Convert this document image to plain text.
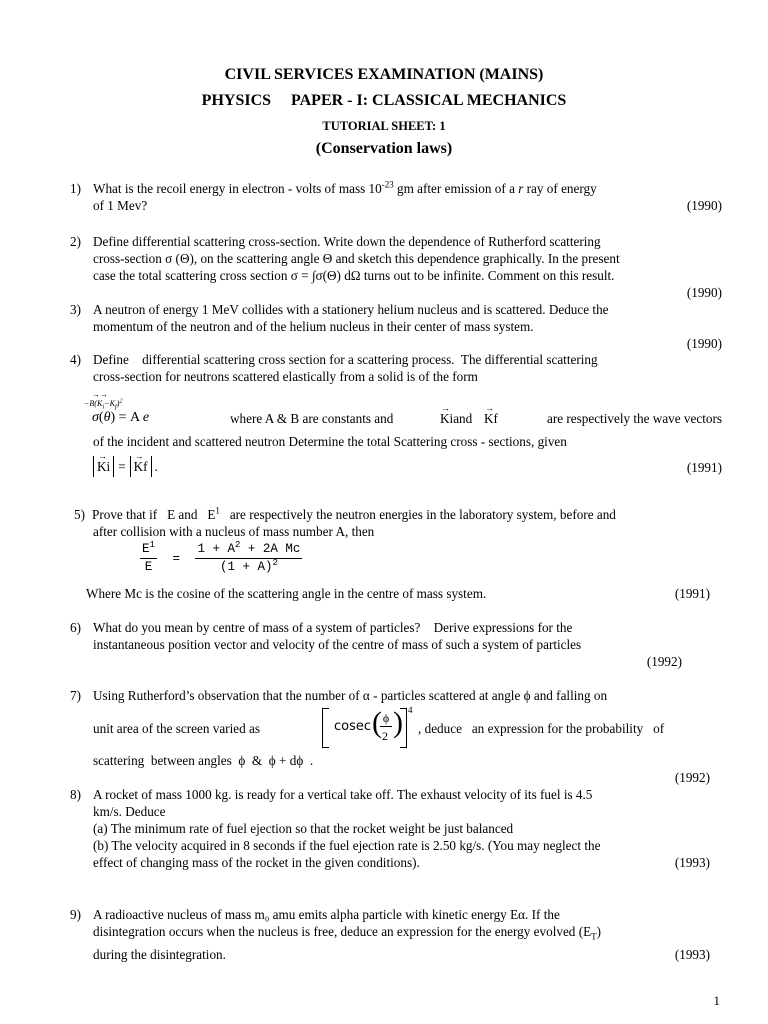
CIVIL SERVICES EXAMINATION (MAINS)
PHYSICS     PAPER - I: CLASSICAL MECHANICS
TUTORIAL SHEET: 1
(Conservation laws)
1) What is the recoil energy in electron - volts of mass $10^{-23}$ gm after emission of a r ray of energy
of 1 Mev?	(1990)
2) Define differential scattering cross-section. Write down the dependence of Rutherford scattering
cross-section σ (Θ), on the scattering angle Θ and sketch this dependence graphically. In the present
case the total scattering cross section σ = ∫σ(Θ) dΩ turns out to be infinite. Comment on this result.
(1990)
3) A neutron of energy 1 MeV collides with a stationery helium nucleus and is scattered. Deduce the
momentum of the neutron and of the helium nucleus in their center of mass system.
(1990)
4) Define    differential scattering cross section for a scattering process.  The differential scattering
cross-section for neutrons scattered elastically from a solid is of the form
→→
$-B(K_i-K_f)^2$
σ(θ) = A e	where A & B are constants and	→ Kiand → Kf	are respectively the wave vectors
of the incident and scattered neutron Determine the total Scattering cross - sections, given
→ Ki = → Kf .	(1991)
5) Prove that if   E and   $E^1$   are respectively the neutron energies in the laboratory system, before and
after collision with a nucleus of mass number A, then
$\frac{E^1}{E} = \frac{1 + A^2 + 2A Mc}{(1 + A)^2}$
Where Mc is the cosine of the scattering angle in the centre of mass system.	(1991)
6) What do you mean by centre of mass of a system of particles?    Derive expressions for the
instantaneous position vector and velocity of the centre of mass of such a system of particles
(1992)
7) Using Rutherford’s observation that the number of α - particles scattered at angle ϕ and falling on
unit area of the screen varied as	cosec ( ϕ
2 ) 4
, deduce   an expression for the probability   of
scattering  between angles  ϕ  &  ϕ + dϕ  .
(1992)
8) A rocket of mass 1000 kg. is ready for a vertical take off. The exhaust velocity of its fuel is 4.5
km/s. Deduce
(a) The minimum rate of fuel ejection so that the rocket weight be just balanced
(b) The velocity acquired in 8 seconds if the fuel ejection rate is 2.50 kg/s. (You may neglect the
effect of changing mass of the rocket in the given conditions).	(1993)
9) A radioactive nucleus of mass m₀ amu emits alpha particle with kinetic energy Eα. If the
disintegration occurs when the nucleus is free, deduce an expression for the energy evolved $(E_T)$
during the disintegration.	(1993)
1
